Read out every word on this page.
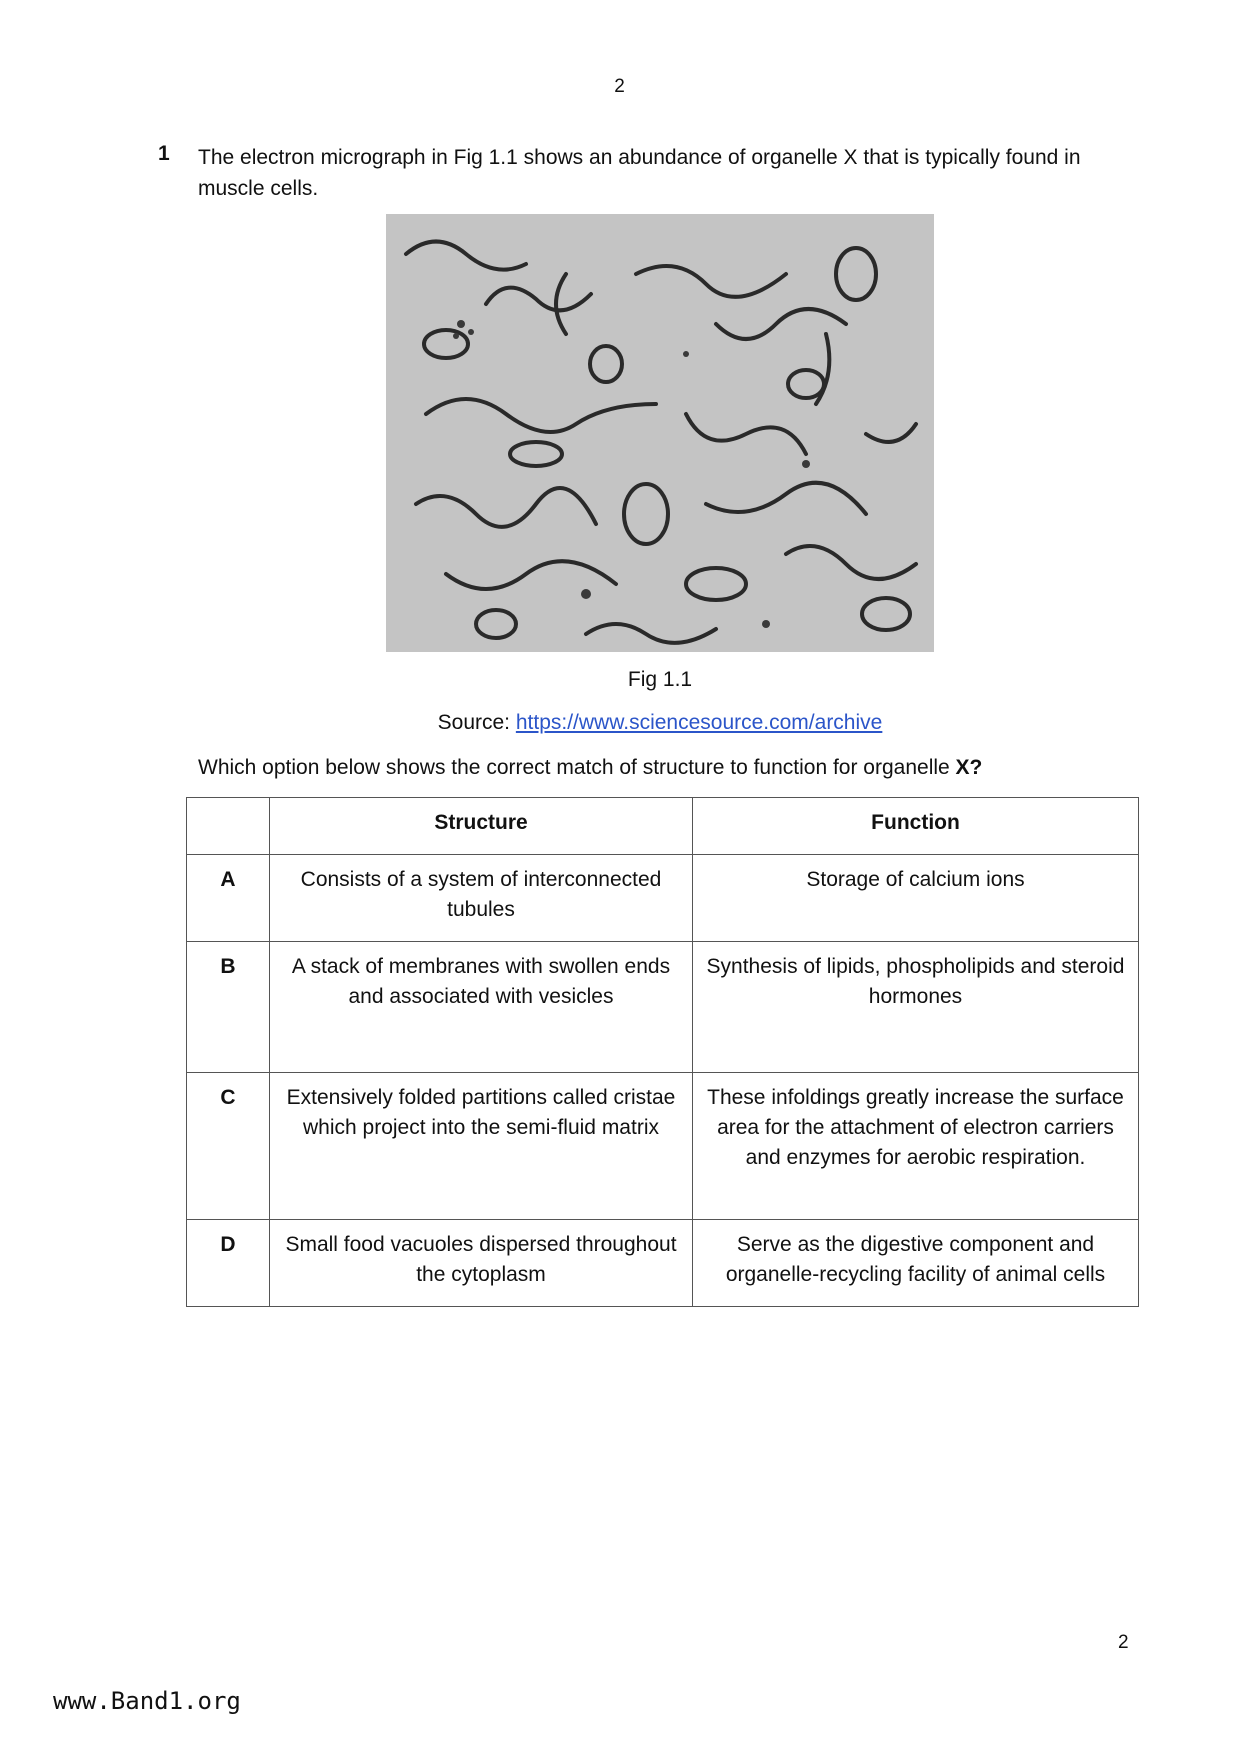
2
1 The electron micrograph in Fig 1.1 shows an abundance of organelle X that is typically found in muscle cells.
Fig 1.1
Source: https://www.sciencesource.com/archive
Which option below shows the correct match of structure to function for organelle X?
	Structure	Function
A	Consists of a system of interconnected tubules	Storage of calcium ions
B	A stack of membranes with swollen ends and associated with vesicles	Synthesis of lipids, phospholipids and steroid hormones
C	Extensively folded partitions called cristae which project into the semi-fluid matrix	These infoldings greatly increase the surface area for the attachment of electron carriers and enzymes for aerobic respiration.
D	Small food vacuoles dispersed throughout the cytoplasm	Serve as the digestive component and organelle-recycling facility of animal cells
2
www.Band1.org
